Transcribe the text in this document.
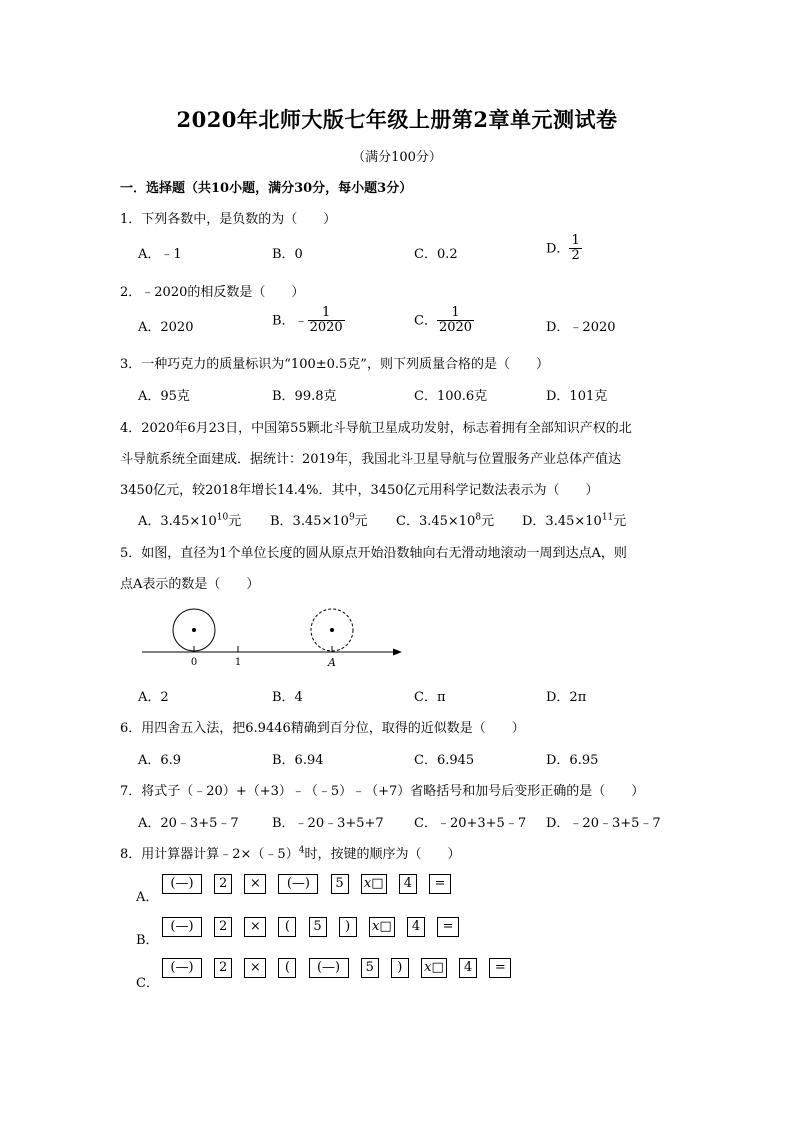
2020年北师大版七年级上册第2章单元测试卷
（满分100分）
一．选择题（共10小题，满分30分，每小题3分）
1．下列各数中，是负数的为（　　）
A．﹣1	B．0	C．0.2	D． $\frac{1}{2}$
2．﹣2020的相反数是（　　）
A．2020	B．﹣ $\frac{1}{2020}$	C． $\frac{1}{2020}$	D．﹣2020
3．一种巧克力的质量标识为“100±0.5克”，则下列质量合格的是（　　）
A．95克	B．99.8克	C．100.6克	D．101克
4．2020年6月23日，中国第55颗北斗导航卫星成功发射，标志着拥有全部知识产权的北
斗导航系统全面建成．据统计：2019年，我国北斗卫星导航与位置服务产业总体产值达
3450亿元，较2018年增长14.4%．其中，3450亿元用科学记数法表示为（　　）
A．$3.45\times 10^{10}$元 B．$3.45\times 10^9$元 C．$3.45\times 10^8$元 D．$3.45\times 10^{11}$元
5．如图，直径为1个单位长度的圆从原点开始沿数轴向右无滑动地滚动一周到达点A，则
点A表示的数是（　　）
0	1	A
A．2	B．4	C．π	D．2π
6．用四舍五入法，把6.9446精确到百分位，取得的近似数是（　　）
A．6.9	B．6.94	C．6.945	D．6.95
7．将式子（﹣20）+（+3）﹣（﹣5）﹣（+7）省略括号和加号后变形正确的是（　　）
A．20﹣3+5﹣7	B．﹣20﹣3+5+7 C．﹣20+3+5﹣7 D．﹣20﹣3+5﹣7
8．用计算器计算﹣2×（﹣5）$^4$时，按键的顺序为（　　）
A．
(—) 2 × (—) 5 x□ 4 =
B．
(—) 2 × ( 5 ) x□ 4 =
C．
(—) 2 × ( (—) 5 ) x□ 4 =
